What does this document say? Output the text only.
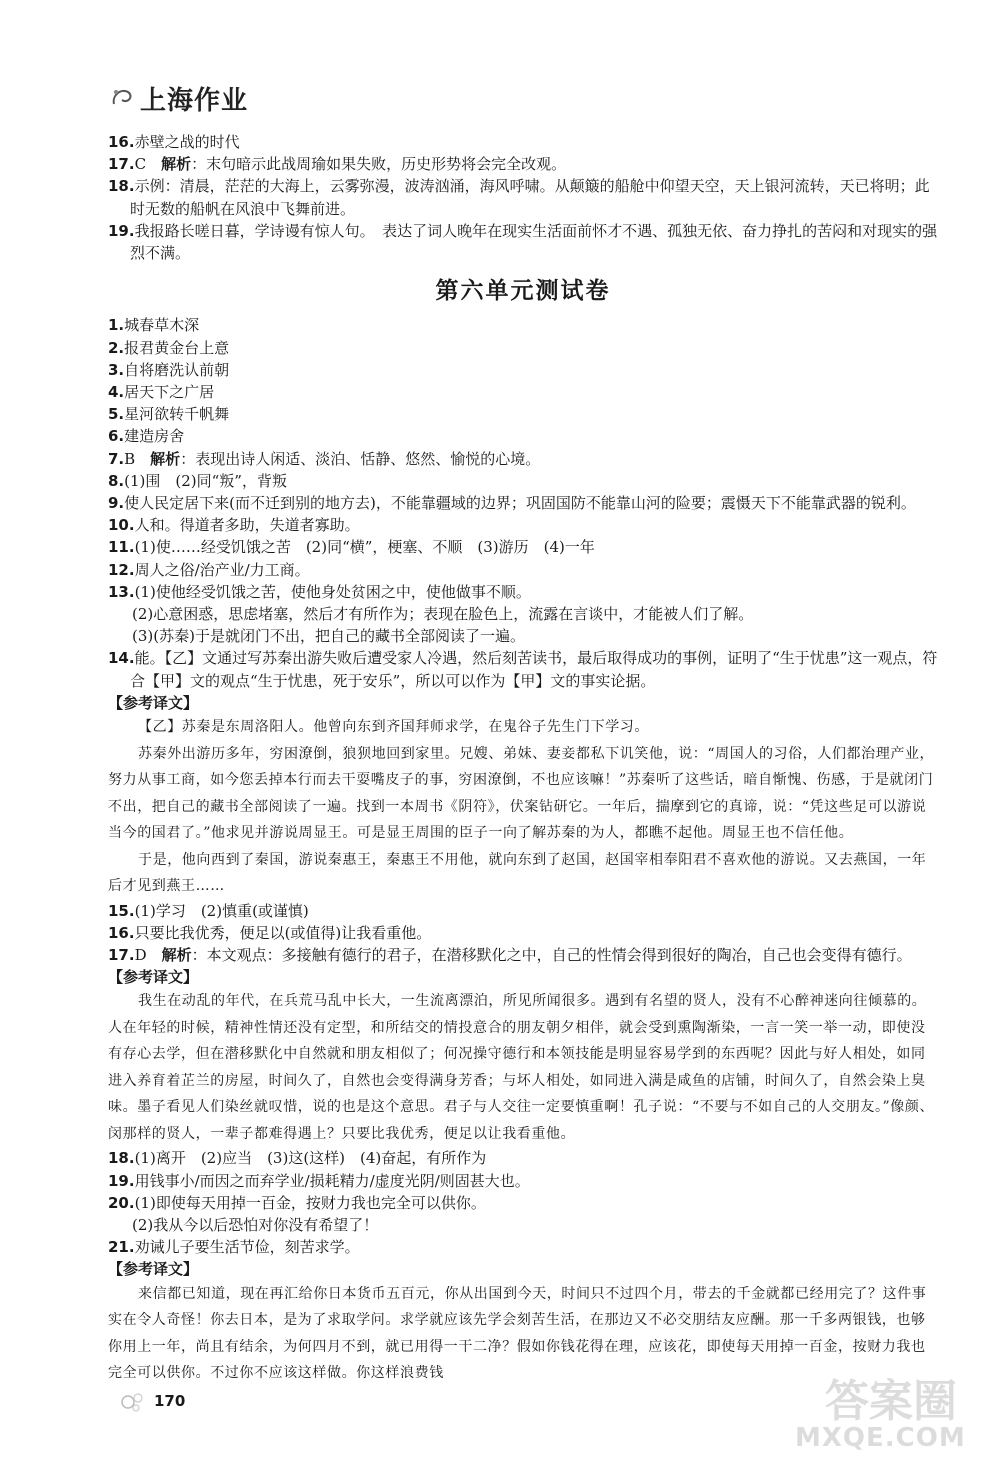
上海作业

16.赤壁之战的时代

17.C　解析：末句暗示此战周瑜如果失败，历史形势将会完全改观。

18.示例：清晨，茫茫的大海上，云雾弥漫，波涛汹涌，海风呼啸。从颠簸的船舱中仰望天空，天上银河流转，天已将明；此时无数的船帆在风浪中飞舞前进。

19.我报路长嗟日暮，学诗谩有惊人句。　表达了词人晚年在现实生活面前怀才不遇、孤独无依、奋力挣扎的苦闷和对现实的强烈不满。

第六单元测试卷

1.城春草木深

2.报君黄金台上意

3.自将磨洗认前朝

4.居天下之广居

5.星河欲转千帆舞

6.建造房舍

7.B　解析：表现出诗人闲适、淡泊、恬静、悠然、愉悦的心境。

8.(1)围　(2)同“叛”，背叛

9.使人民定居下来(而不迁到别的地方去)，不能靠疆域的边界；巩固国防不能靠山河的险要；震慑天下不能靠武器的锐利。

10.人和。得道者多助，失道者寡助。

11.(1)使……经受饥饿之苦　(2)同“横”，梗塞、不顺　(3)游历　(4)一年

12.周人之俗/治产业/力工商。

13.(1)使他经受饥饿之苦，使他身处贫困之中，使他做事不顺。

(2)心意困惑，思虑堵塞，然后才有所作为；表现在脸色上，流露在言谈中，才能被人们了解。

(3)(苏秦)于是就闭门不出，把自己的藏书全部阅读了一遍。

14.能。【乙】文通过写苏秦出游失败后遭受家人冷遇，然后刻苦读书，最后取得成功的事例，证明了“生于忧患”这一观点，符合【甲】文的观点“生于忧患，死于安乐”，所以可以作为【甲】文的事实论据。

【参考译文】

【乙】苏秦是东周洛阳人。他曾向东到齐国拜师求学，在鬼谷子先生门下学习。

苏秦外出游历多年，穷困潦倒，狼狈地回到家里。兄嫂、弟妹、妻妾都私下讥笑他，说：“周国人的习俗，人们都治理产业，努力从事工商，如今您丢掉本行而去干耍嘴皮子的事，穷困潦倒，不也应该嘛！”苏秦听了这些话，暗自惭愧、伤感，于是就闭门不出，把自己的藏书全部阅读了一遍。找到一本周书《阴符》，伏案钻研它。一年后，揣摩到它的真谛，说：“凭这些足可以游说当今的国君了。”他求见并游说周显王。可是显王周围的臣子一向了解苏秦的为人，都瞧不起他。周显王也不信任他。

于是，他向西到了秦国，游说秦惠王，秦惠王不用他，就向东到了赵国，赵国宰相奉阳君不喜欢他的游说。又去燕国，一年后才见到燕王……

15.(1)学习　(2)慎重(或谨慎)

16.只要比我优秀，便足以(或值得)让我看重他。

17.D　解析：本文观点：多接触有德行的君子，在潜移默化之中，自己的性情会得到很好的陶冶，自己也会变得有德行。

【参考译文】

我生在动乱的年代，在兵荒马乱中长大，一生流离漂泊，所见所闻很多。遇到有名望的贤人，没有不心醉神迷向往倾慕的。人在年轻的时候，精神性情还没有定型，和所结交的情投意合的朋友朝夕相伴，就会受到熏陶渐染，一言一笑一举一动，即使没有存心去学，但在潜移默化中自然就和朋友相似了；何况操守德行和本领技能是明显容易学到的东西呢？因此与好人相处，如同进入养育着芷兰的房屋，时间久了，自然也会变得满身芳香；与坏人相处，如同进入满是咸鱼的店铺，时间久了，自然会染上臭味。墨子看见人们染丝就叹惜，说的也是这个意思。君子与人交往一定要慎重啊！孔子说：“不要与不如自己的人交朋友。”像颜、闵那样的贤人，一辈子都难得遇上？只要比我优秀，便足以让我看重他。

18.(1)离开　(2)应当　(3)这(这样)　(4)奋起，有所作为

19.用钱事小/而因之而弃学业/损耗精力/虚度光阴/则固甚大也。

20.(1)即使每天用掉一百金，按财力我也完全可以供你。

(2)我从今以后恐怕对你没有希望了！

21.劝诫儿子要生活节俭，刻苦求学。

【参考译文】

来信都已知道，现在再汇给你日本货币五百元，你从出国到今天，时间只不过四个月，带去的千金就都已经用完了？这件事实在令人奇怪！你去日本，是为了求取学问。求学就应该先学会刻苦生活，在那边又不必交朋结友应酬。那一千多两银钱，也够你用上一年，尚且有结余，为何四月不到，就已用得一干二净？假如你钱花得在理，应该花，即使每天用掉一百金，按财力我也完全可以供你。不过你不应该这样做。你这样浪费钱

170	答案圈
MXQE.COM
